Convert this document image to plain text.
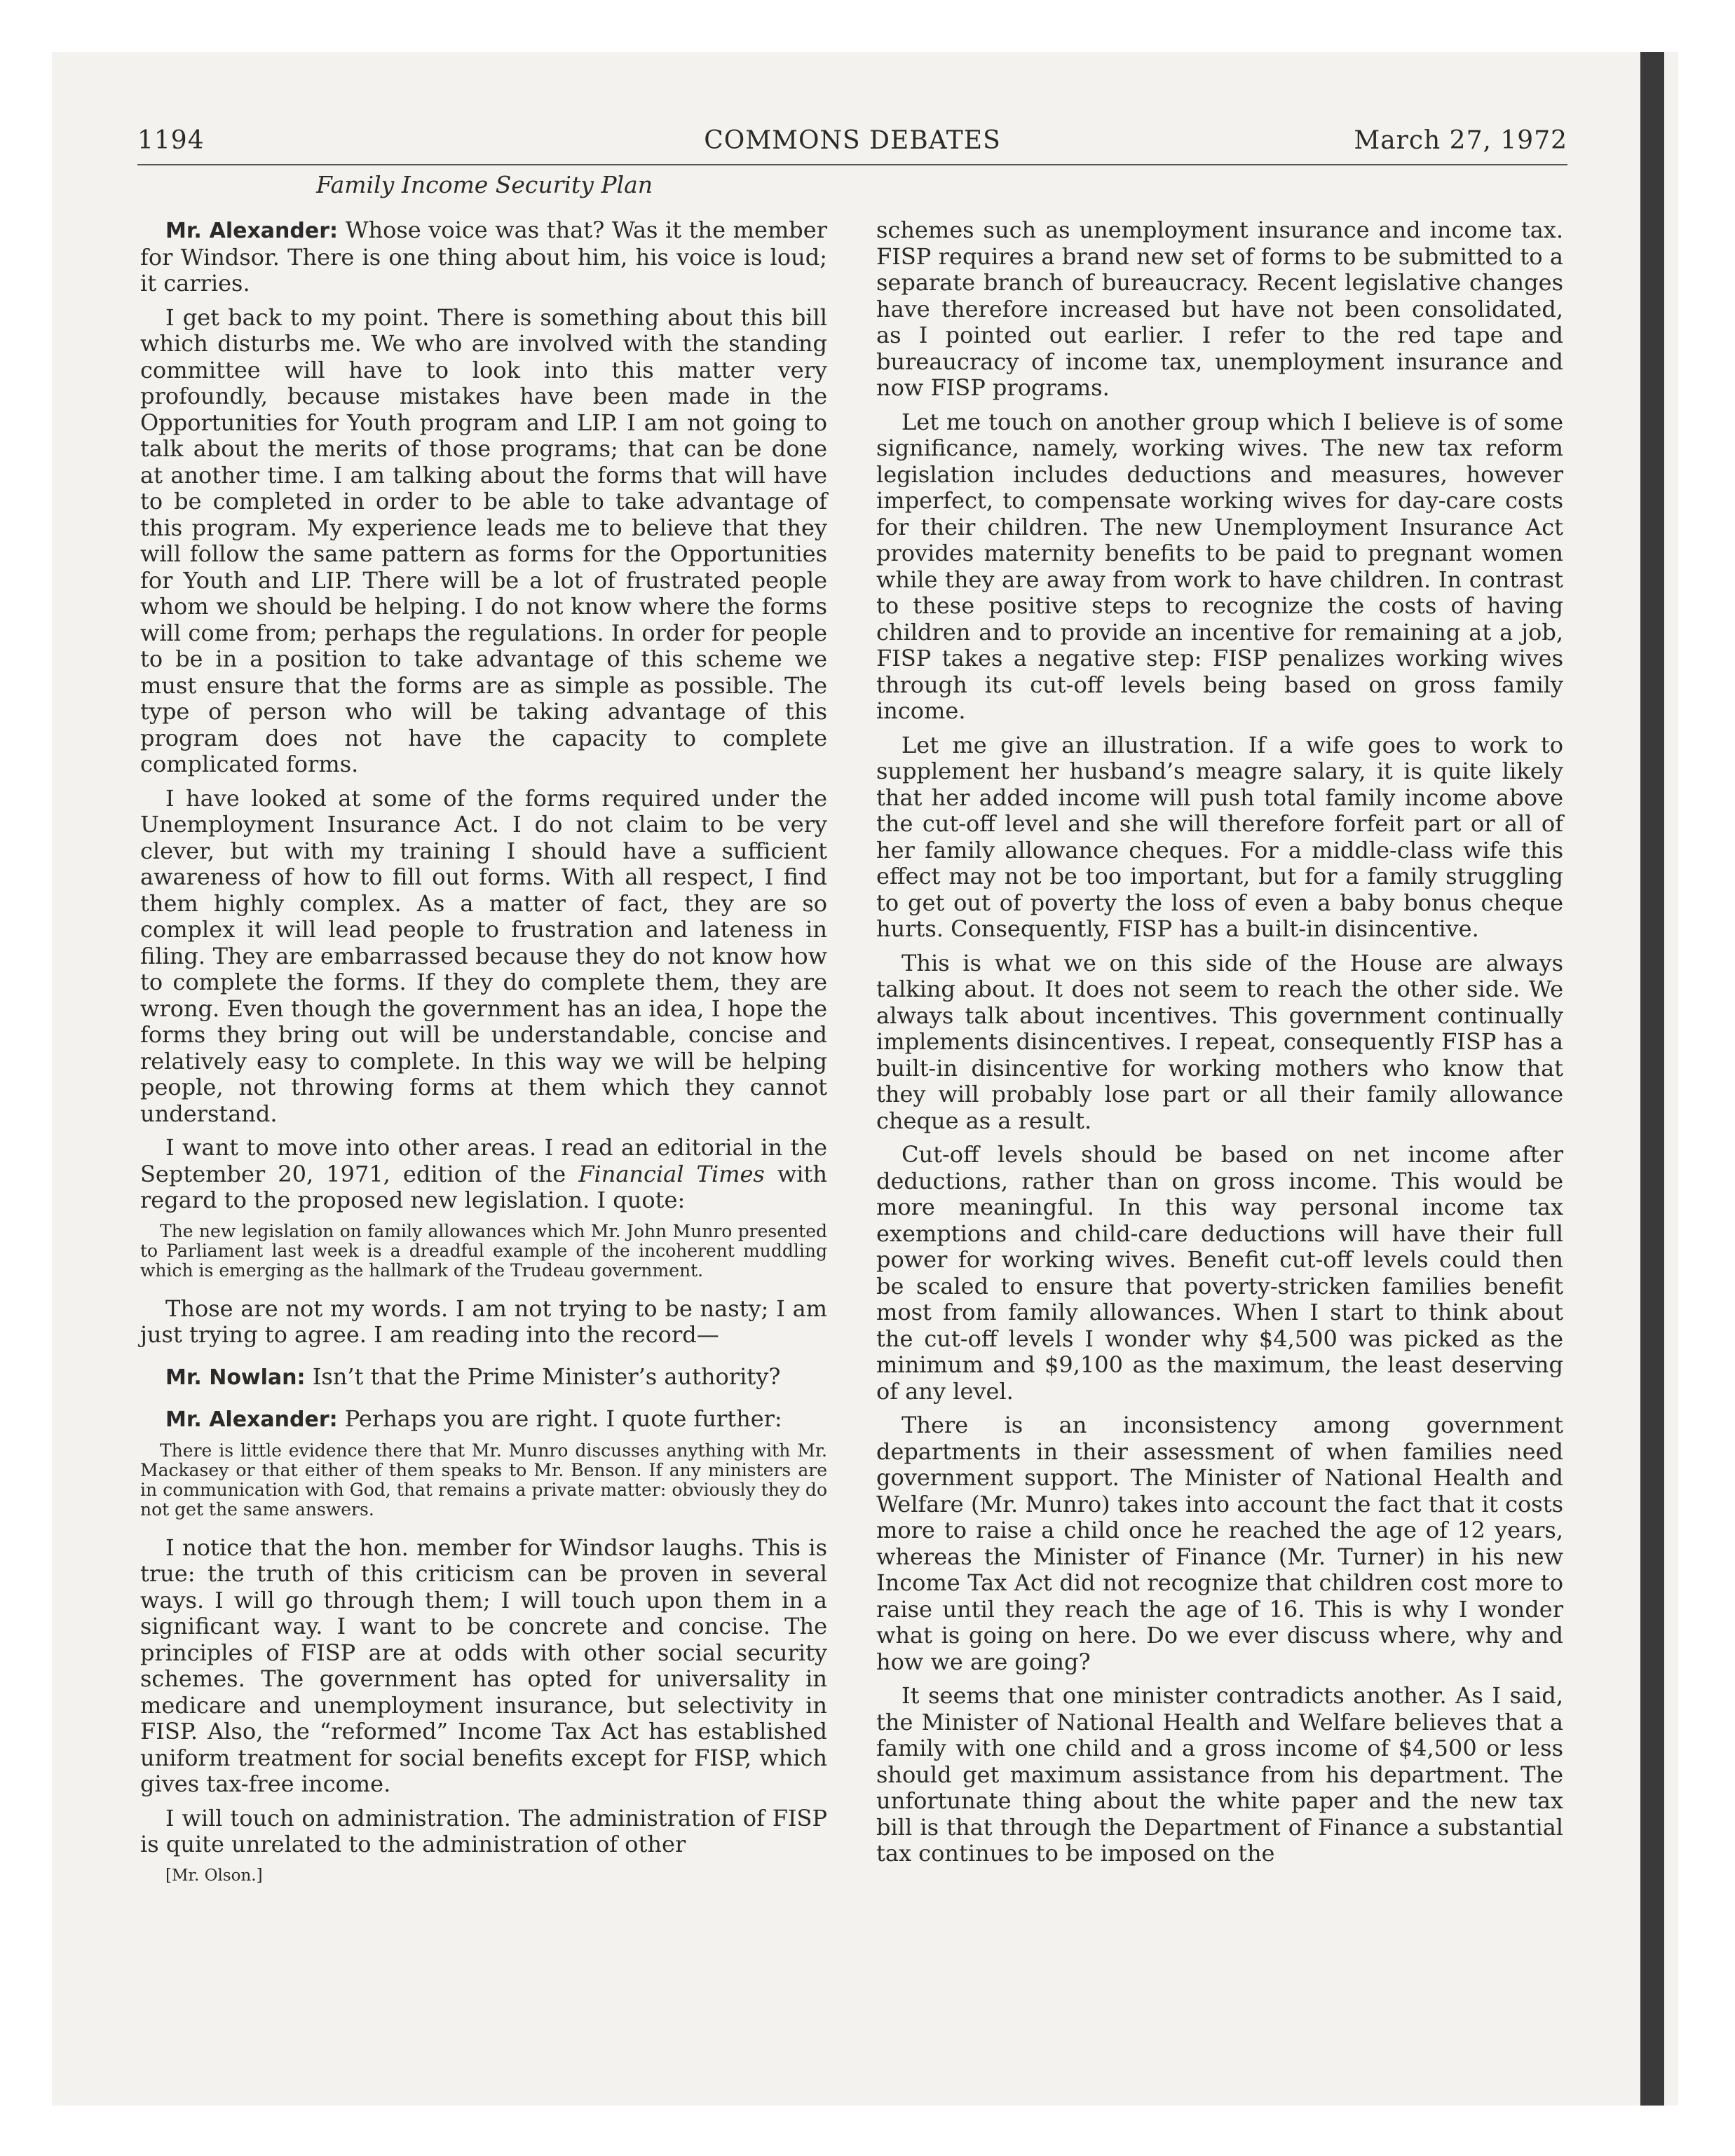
1194	COMMONS DEBATES	March 27, 1972
Family Income Security Plan

Mr. Alexander: Whose voice was that? Was it the member for Windsor. There is one thing about him, his voice is loud; it carries.

I get back to my point. There is something about this bill which disturbs me. We who are involved with the standing committee will have to look into this matter very profoundly, because mistakes have been made in the Opportunities for Youth program and LIP. I am not going to talk about the merits of those programs; that can be done at another time. I am talking about the forms that will have to be completed in order to be able to take advantage of this program. My experience leads me to believe that they will follow the same pattern as forms for the Opportunities for Youth and LIP. There will be a lot of frustrated people whom we should be helping. I do not know where the forms will come from; perhaps the regulations. In order for people to be in a position to take advantage of this scheme we must ensure that the forms are as simple as possible. The type of person who will be taking advantage of this program does not have the capacity to complete complicated forms.

I have looked at some of the forms required under the Unemployment Insurance Act. I do not claim to be very clever, but with my training I should have a sufficient awareness of how to fill out forms. With all respect, I find them highly complex. As a matter of fact, they are so complex it will lead people to frustration and lateness in filing. They are embarrassed because they do not know how to complete the forms. If they do complete them, they are wrong. Even though the government has an idea, I hope the forms they bring out will be understandable, concise and relatively easy to complete. In this way we will be helping people, not throwing forms at them which they cannot understand.

I want to move into other areas. I read an editorial in the September 20, 1971, edition of the Financial Times with regard to the proposed new legislation. I quote:

The new legislation on family allowances which Mr. John Munro presented to Parliament last week is a dreadful example of the incoherent muddling which is emerging as the hallmark of the Trudeau government.

Those are not my words. I am not trying to be nasty; I am just trying to agree. I am reading into the record—

Mr. Nowlan: Isn’t that the Prime Minister’s authority?

Mr. Alexander: Perhaps you are right. I quote further:

There is little evidence there that Mr. Munro discusses anything with Mr. Mackasey or that either of them speaks to Mr. Benson. If any ministers are in communication with God, that remains a private matter: obviously they do not get the same answers.

I notice that the hon. member for Windsor laughs. This is true: the truth of this criticism can be proven in several ways. I will go through them; I will touch upon them in a significant way. I want to be concrete and concise. The principles of FISP are at odds with other social security schemes. The government has opted for universality in medicare and unemployment insurance, but selectivity in FISP. Also, the “reformed” Income Tax Act has established uniform treatment for social benefits except for FISP, which gives tax-free income.

I will touch on administration. The administration of FISP is quite unrelated to the administration of other

[Mr. Olson.]

schemes such as unemployment insurance and income tax. FISP requires a brand new set of forms to be submitted to a separate branch of bureaucracy. Recent legislative changes have therefore increased but have not been consolidated, as I pointed out earlier. I refer to the red tape and bureaucracy of income tax, unemployment insurance and now FISP programs.

Let me touch on another group which I believe is of some significance, namely, working wives. The new tax reform legislation includes deductions and measures, however imperfect, to compensate working wives for day-care costs for their children. The new Unemployment Insurance Act provides maternity benefits to be paid to pregnant women while they are away from work to have children. In contrast to these positive steps to recognize the costs of having children and to provide an incentive for remaining at a job, FISP takes a negative step: FISP penalizes working wives through its cut-off levels being based on gross family income.

Let me give an illustration. If a wife goes to work to supplement her husband’s meagre salary, it is quite likely that her added income will push total family income above the cut-off level and she will therefore forfeit part or all of her family allowance cheques. For a middle-class wife this effect may not be too important, but for a family struggling to get out of poverty the loss of even a baby bonus cheque hurts. Consequently, FISP has a built-in disincentive.

This is what we on this side of the House are always talking about. It does not seem to reach the other side. We always talk about incentives. This government continually implements disincentives. I repeat, consequently FISP has a built-in disincentive for working mothers who know that they will probably lose part or all their family allowance cheque as a result.

Cut-off levels should be based on net income after deductions, rather than on gross income. This would be more meaningful. In this way personal income tax exemptions and child-care deductions will have their full power for working wives. Benefit cut-off levels could then be scaled to ensure that poverty-stricken families benefit most from family allowances. When I start to think about the cut-off levels I wonder why $4,500 was picked as the minimum and $9,100 as the maximum, the least deserving of any level.

There is an inconsistency among government departments in their assessment of when families need government support. The Minister of National Health and Welfare (Mr. Munro) takes into account the fact that it costs more to raise a child once he reached the age of 12 years, whereas the Minister of Finance (Mr. Turner) in his new Income Tax Act did not recognize that children cost more to raise until they reach the age of 16. This is why I wonder what is going on here. Do we ever discuss where, why and how we are going?

It seems that one minister contradicts another. As I said, the Minister of National Health and Welfare believes that a family with one child and a gross income of $4,500 or less should get maximum assistance from his department. The unfortunate thing about the white paper and the new tax bill is that through the Department of Finance a substantial tax continues to be imposed on the
